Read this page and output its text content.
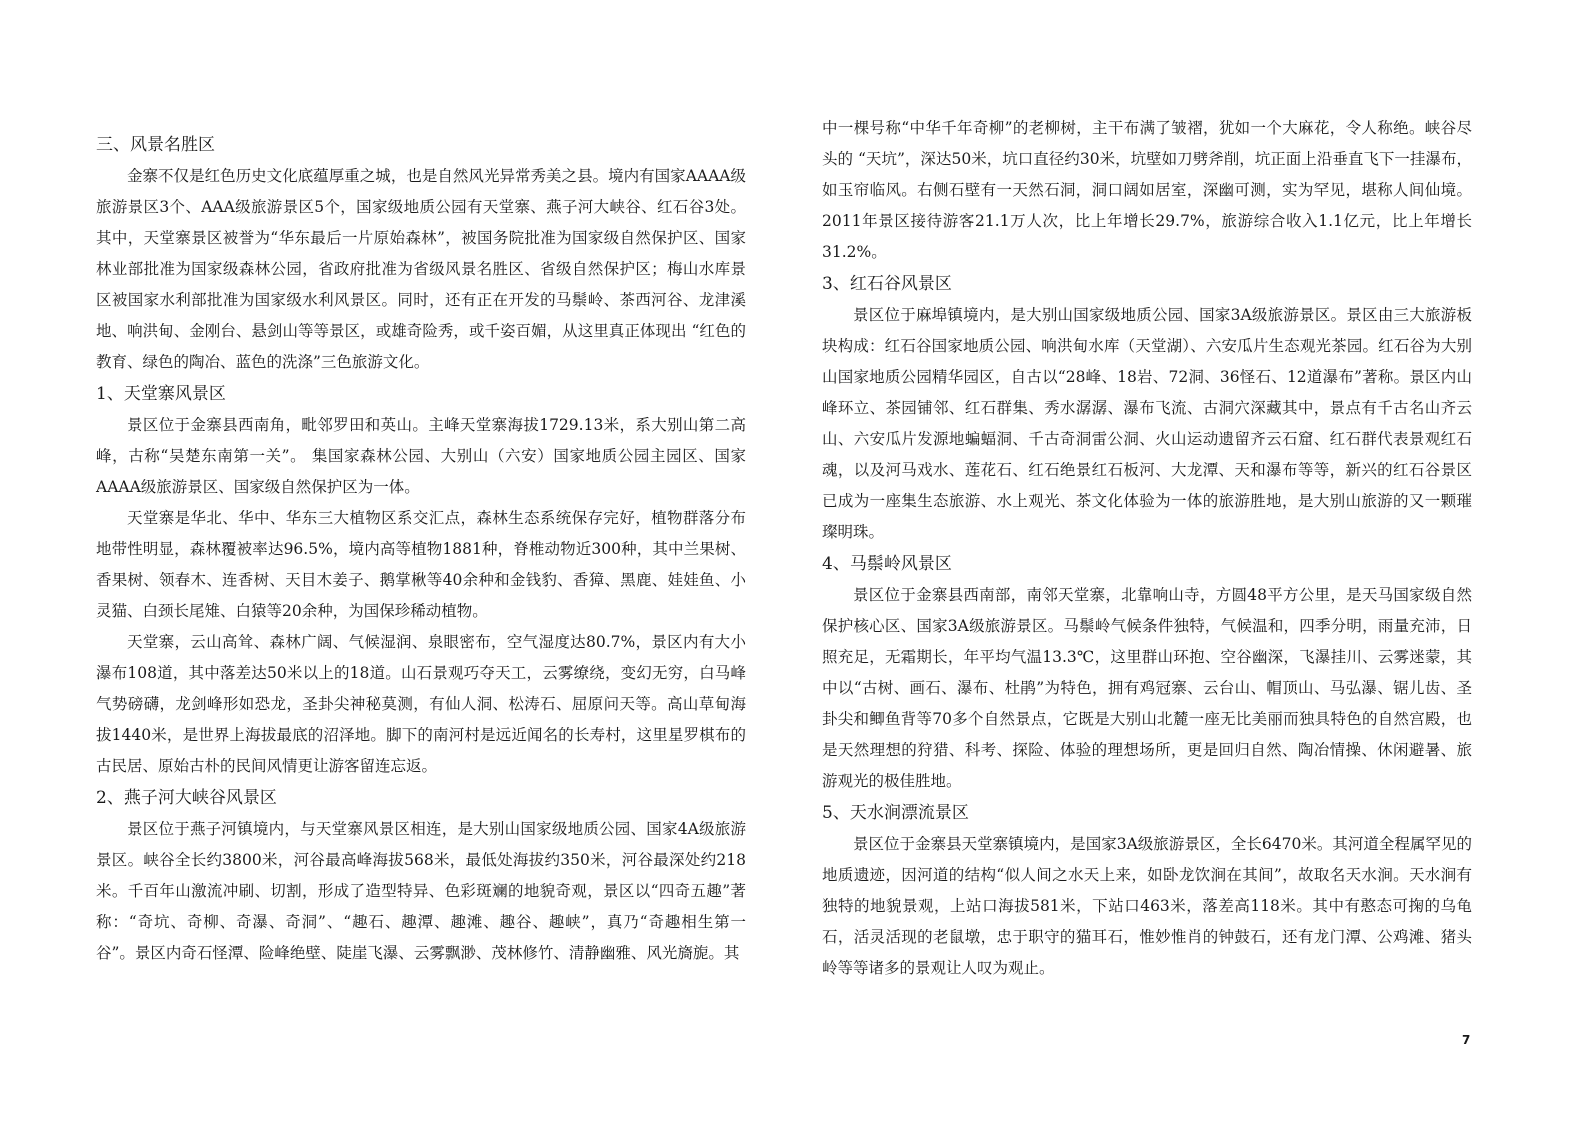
三、风景名胜区

金寨不仅是红色历史文化底蕴厚重之城，也是自然风光异常秀美之县。境内有国家AAAA级旅游景区3个、AAA级旅游景区5个，国家级地质公园有天堂寨、燕子河大峡谷、红石谷3处。其中，天堂寨景区被誉为“华东最后一片原始森林”，被国务院批准为国家级自然保护区、国家林业部批准为国家级森林公园，省政府批准为省级风景名胜区、省级自然保护区；梅山水库景区被国家水利部批准为国家级水利风景区。同时，还有正在开发的马鬃岭、茶西河谷、龙津溪地、响洪甸、金刚台、悬剑山等等景区，或雄奇险秀，或千姿百媚，从这里真正体现出 “红色的教育、绿色的陶冶、蓝色的洗涤”三色旅游文化。

1、天堂寨风景区

景区位于金寨县西南角，毗邻罗田和英山。主峰天堂寨海拔1729.13米，系大别山第二高峰，古称“吴楚东南第一关”。 集国家森林公园、大别山（六安）国家地质公园主园区、国家AAAA级旅游景区、国家级自然保护区为一体。

天堂寨是华北、华中、华东三大植物区系交汇点，森林生态系统保存完好，植物群落分布地带性明显，森林覆被率达96.5%，境内高等植物1881种，脊椎动物近300种，其中兰果树、香果树、领春木、连香树、天目木姜子、鹅掌楸等40余种和金钱豹、香獐、黑鹿、娃娃鱼、小灵猫、白颈长尾雉、白猿等20余种，为国保珍稀动植物。

天堂寨，云山高耸、森林广阔、气候湿润、泉眼密布，空气湿度达80.7%，景区内有大小瀑布108道，其中落差达50米以上的18道。山石景观巧夺天工，云雾缭绕，变幻无穷，白马峰气势磅礴，龙剑峰形如恐龙，圣卦尖神秘莫测，有仙人洞、松涛石、屈原问天等。高山草甸海拔1440米，是世界上海拔最底的沼泽地。脚下的南河村是远近闻名的长寿村，这里星罗棋布的古民居、原始古朴的民间风情更让游客留连忘返。

2、燕子河大峡谷风景区

景区位于燕子河镇境内，与天堂寨风景区相连，是大别山国家级地质公园、国家4A级旅游景区。峡谷全长约3800米，河谷最高峰海拔568米，最低处海拔约350米，河谷最深处约218米。千百年山激流冲刷、切割，形成了造型特异、色彩斑斓的地貌奇观，景区以“四奇五趣”著称：“奇坑、奇柳、奇瀑、奇洞”、“趣石、趣潭、趣滩、趣谷、趣峡”，真乃“奇趣相生第一谷”。景区内奇石怪潭、险峰绝壁、陡崖飞瀑、云雾飘渺、茂林修竹、清静幽雅、风光旖旎。其

中一棵号称“中华千年奇柳”的老柳树，主干布满了皱褶，犹如一个大麻花，令人称绝。峡谷尽头的 “天坑”，深达50米，坑口直径约30米，坑壁如刀劈斧削，坑正面上沿垂直飞下一挂瀑布，如玉帘临风。右侧石壁有一天然石洞，洞口阔如居室，深幽可测，实为罕见，堪称人间仙境。2011年景区接待游客21.1万人次，比上年增长29.7%，旅游综合收入1.1亿元，比上年增长31.2%。

3、红石谷风景区

景区位于麻埠镇境内，是大别山国家级地质公园、国家3A级旅游景区。景区由三大旅游板块构成：红石谷国家地质公园、响洪甸水库（天堂湖）、六安瓜片生态观光茶园。红石谷为大别山国家地质公园精华园区，自古以“28峰、18岩、72洞、36怪石、12道瀑布”著称。景区内山峰环立、茶园铺邻、红石群集、秀水潺潺、瀑布飞流、古洞穴深藏其中，景点有千古名山齐云山、六安瓜片发源地蝙蝠洞、千古奇洞雷公洞、火山运动遗留齐云石窟、红石群代表景观红石魂，以及河马戏水、莲花石、红石绝景红石板河、大龙潭、天和瀑布等等，新兴的红石谷景区已成为一座集生态旅游、水上观光、茶文化体验为一体的旅游胜地，是大别山旅游的又一颗璀璨明珠。

4、马鬃岭风景区

景区位于金寨县西南部，南邻天堂寨，北靠响山寺，方圆48平方公里，是天马国家级自然保护核心区、国家3A级旅游景区。马鬃岭气候条件独特，气候温和，四季分明，雨量充沛，日照充足，无霜期长，年平均气温13.3℃，这里群山环抱、空谷幽深，飞瀑挂川、云雾迷蒙，其中以“古树、画石、瀑布、杜鹃”为特色，拥有鸡冠寨、云台山、帽顶山、马弘瀑、锯儿齿、圣卦尖和鲫鱼背等70多个自然景点，它既是大别山北麓一座无比美丽而独具特色的自然宫殿，也是天然理想的狩猎、科考、探险、体验的理想场所，更是回归自然、陶冶情操、休闲避暑、旅游观光的极佳胜地。

5、天水涧漂流景区

景区位于金寨县天堂寨镇境内，是国家3A级旅游景区，全长6470米。其河道全程属罕见的地质遗迹，因河道的结构“似人间之水天上来，如卧龙饮涧在其间”，故取名天水涧。天水涧有独特的地貌景观，上站口海拔581米，下站口463米，落差高118米。其中有憨态可掬的乌龟石，活灵活现的老鼠墩，忠于职守的猫耳石，惟妙惟肖的钟鼓石，还有龙门潭、公鸡滩、猪头岭等等诸多的景观让人叹为观止。

7
